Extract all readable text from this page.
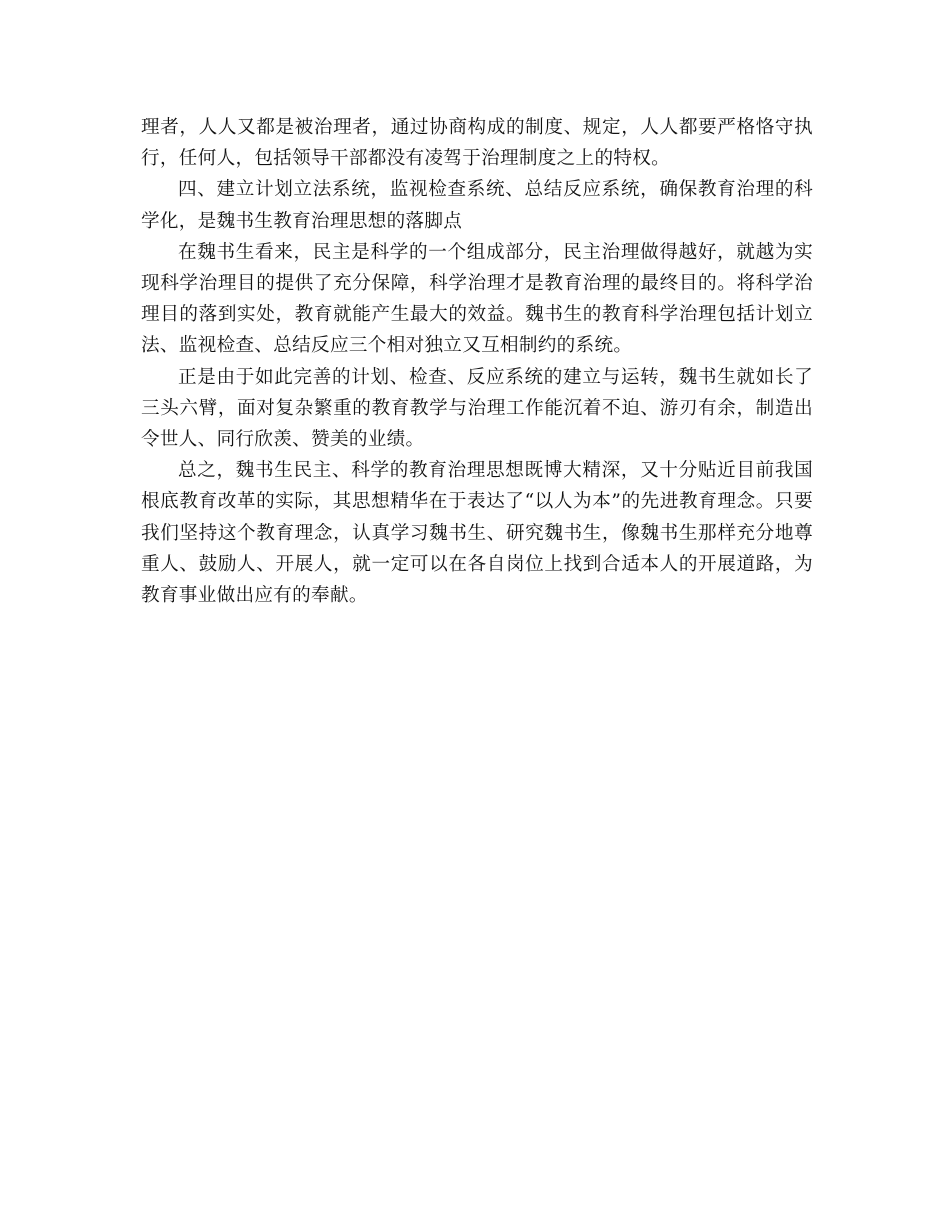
理者，人人又都是被治理者，通过协商构成的制度、规定，人人都要严格恪守执行，任何人，包括领导干部都没有凌驾于治理制度之上的特权。

四、建立计划立法系统，监视检查系统、总结反应系统，确保教育治理的科学化，是魏书生教育治理思想的落脚点

在魏书生看来，民主是科学的一个组成部分，民主治理做得越好，就越为实现科学治理目的提供了充分保障，科学治理才是教育治理的最终目的。将科学治理目的落到实处，教育就能产生最大的效益。魏书生的教育科学治理包括计划立法、监视检查、总结反应三个相对独立又互相制约的系统。

正是由于如此完善的计划、检查、反应系统的建立与运转，魏书生就如长了三头六臂，面对复杂繁重的教育教学与治理工作能沉着不迫、游刃有余，制造出令世人、同行欣羡、赞美的业绩。

总之，魏书生民主、科学的教育治理思想既博大精深，又十分贴近目前我国根底教育改革的实际，其思想精华在于表达了“以人为本”的先进教育理念。只要我们坚持这个教育理念，认真学习魏书生、研究魏书生，像魏书生那样充分地尊重人、鼓励人、开展人，就一定可以在各自岗位上找到合适本人的开展道路，为教育事业做出应有的奉献。
